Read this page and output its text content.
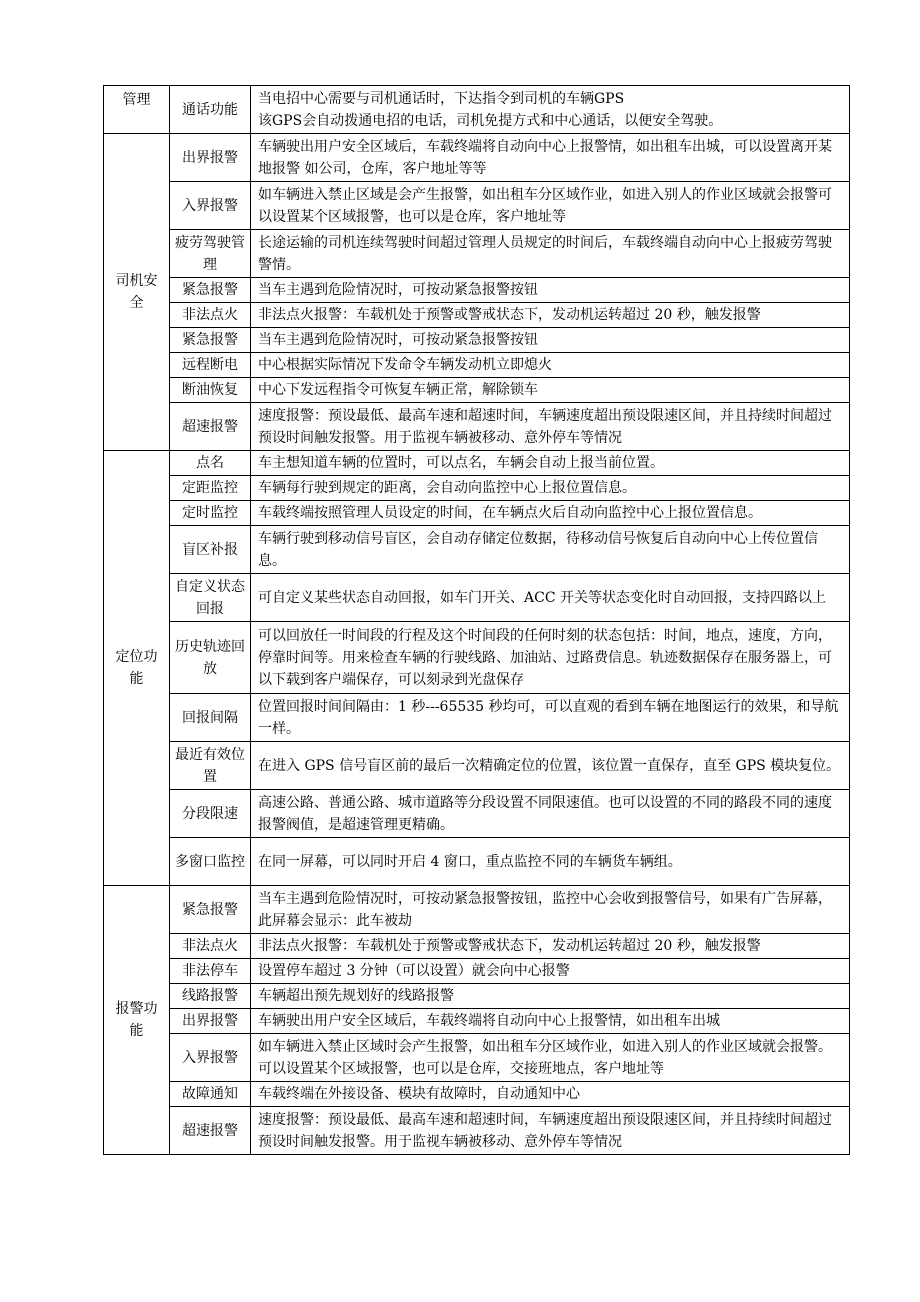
管理	通话功能	当电招中心需要与司机通话时，下达指令到司机的车辆GPS
该GPS会自动拨通电招的电话，司机免提方式和中心通话，以便安全驾驶。

司机安全	出界报警	车辆驶出用户安全区域后，车载终端将自动向中心上报警情，如出租车出城，可以设置离开某地报警 如公司，仓库，客户地址等等

	入界报警	如车辆进入禁止区域是会产生报警，如出租车分区域作业，如进入别人的作业区域就会报警可以设置某个区域报警，也可以是仓库，客户地址等

	疲劳驾驶管理	长途运输的司机连续驾驶时间超过管理人员规定的时间后，车载终端自动向中心上报疲劳驾驶警情。

	紧急报警	当车主遇到危险情况时，可按动紧急报警按钮

	非法点火	非法点火报警：车载机处于预警或警戒状态下，发动机运转超过 20 秒，触发报警

	紧急报警	当车主遇到危险情况时，可按动紧急报警按钮

	远程断电	中心根据实际情况下发命令车辆发动机立即熄火

	断油恢复	中心下发远程指令可恢复车辆正常，解除锁车

	超速报警	速度报警：预设最低、最高车速和超速时间，车辆速度超出预设限速区间，并且持续时间超过预设时间触发报警。用于监视车辆被移动、意外停车等情况

定位功能	点名	车主想知道车辆的位置时，可以点名，车辆会自动上报当前位置。

	定距监控	车辆每行驶到规定的距离，会自动向监控中心上报位置信息。

	定时监控	车载终端按照管理人员设定的时间，在车辆点火后自动向监控中心上报位置信息。

	盲区补报	车辆行驶到移动信号盲区，会自动存储定位数据，待移动信号恢复后自动向中心上传位置信息。

	自定义状态回报	可自定义某些状态自动回报，如车门开关、ACC 开关等状态变化时自动回报，支持四路以上

	历史轨迹回放	可以回放任一时间段的行程及这个时间段的任何时刻的状态包括：时间，地点，速度，方向，停靠时间等。用来检查车辆的行驶线路、加油站、过路费信息。轨迹数据保存在服务器上，可以下载到客户端保存，可以刻录到光盘保存

	回报间隔	位置回报时间间隔由：1 秒---65535 秒均可，可以直观的看到车辆在地图运行的效果，和导航一样。

	最近有效位置	在进入 GPS 信号盲区前的最后一次精确定位的位置，该位置一直保存，直至 GPS 模块复位。

	分段限速	高速公路、普通公路、城市道路等分段设置不同限速值。也可以设置的不同的路段不同的速度报警阀值，是超速管理更精确。

	多窗口监控	在同一屏幕，可以同时开启 4 窗口，重点监控不同的车辆货车辆组。

报警功能	紧急报警	当车主遇到危险情况时，可按动紧急报警按钮，监控中心会收到报警信号，如果有广告屏幕，此屏幕会显示：此车被劫

	非法点火	非法点火报警：车载机处于预警或警戒状态下，发动机运转超过 20 秒，触发报警

	非法停车	设置停车超过 3 分钟（可以设置）就会向中心报警

	线路报警	车辆超出预先规划好的线路报警

	出界报警	车辆驶出用户安全区域后，车载终端将自动向中心上报警情，如出租车出城

	入界报警	如车辆进入禁止区域时会产生报警，如出租车分区域作业，如进入别人的作业区域就会报警。可以设置某个区域报警，也可以是仓库，交接班地点，客户地址等

	故障通知	车载终端在外接设备、模块有故障时，自动通知中心

	超速报警	速度报警：预设最低、最高车速和超速时间，车辆速度超出预设限速区间，并且持续时间超过预设时间触发报警。用于监视车辆被移动、意外停车等情况
